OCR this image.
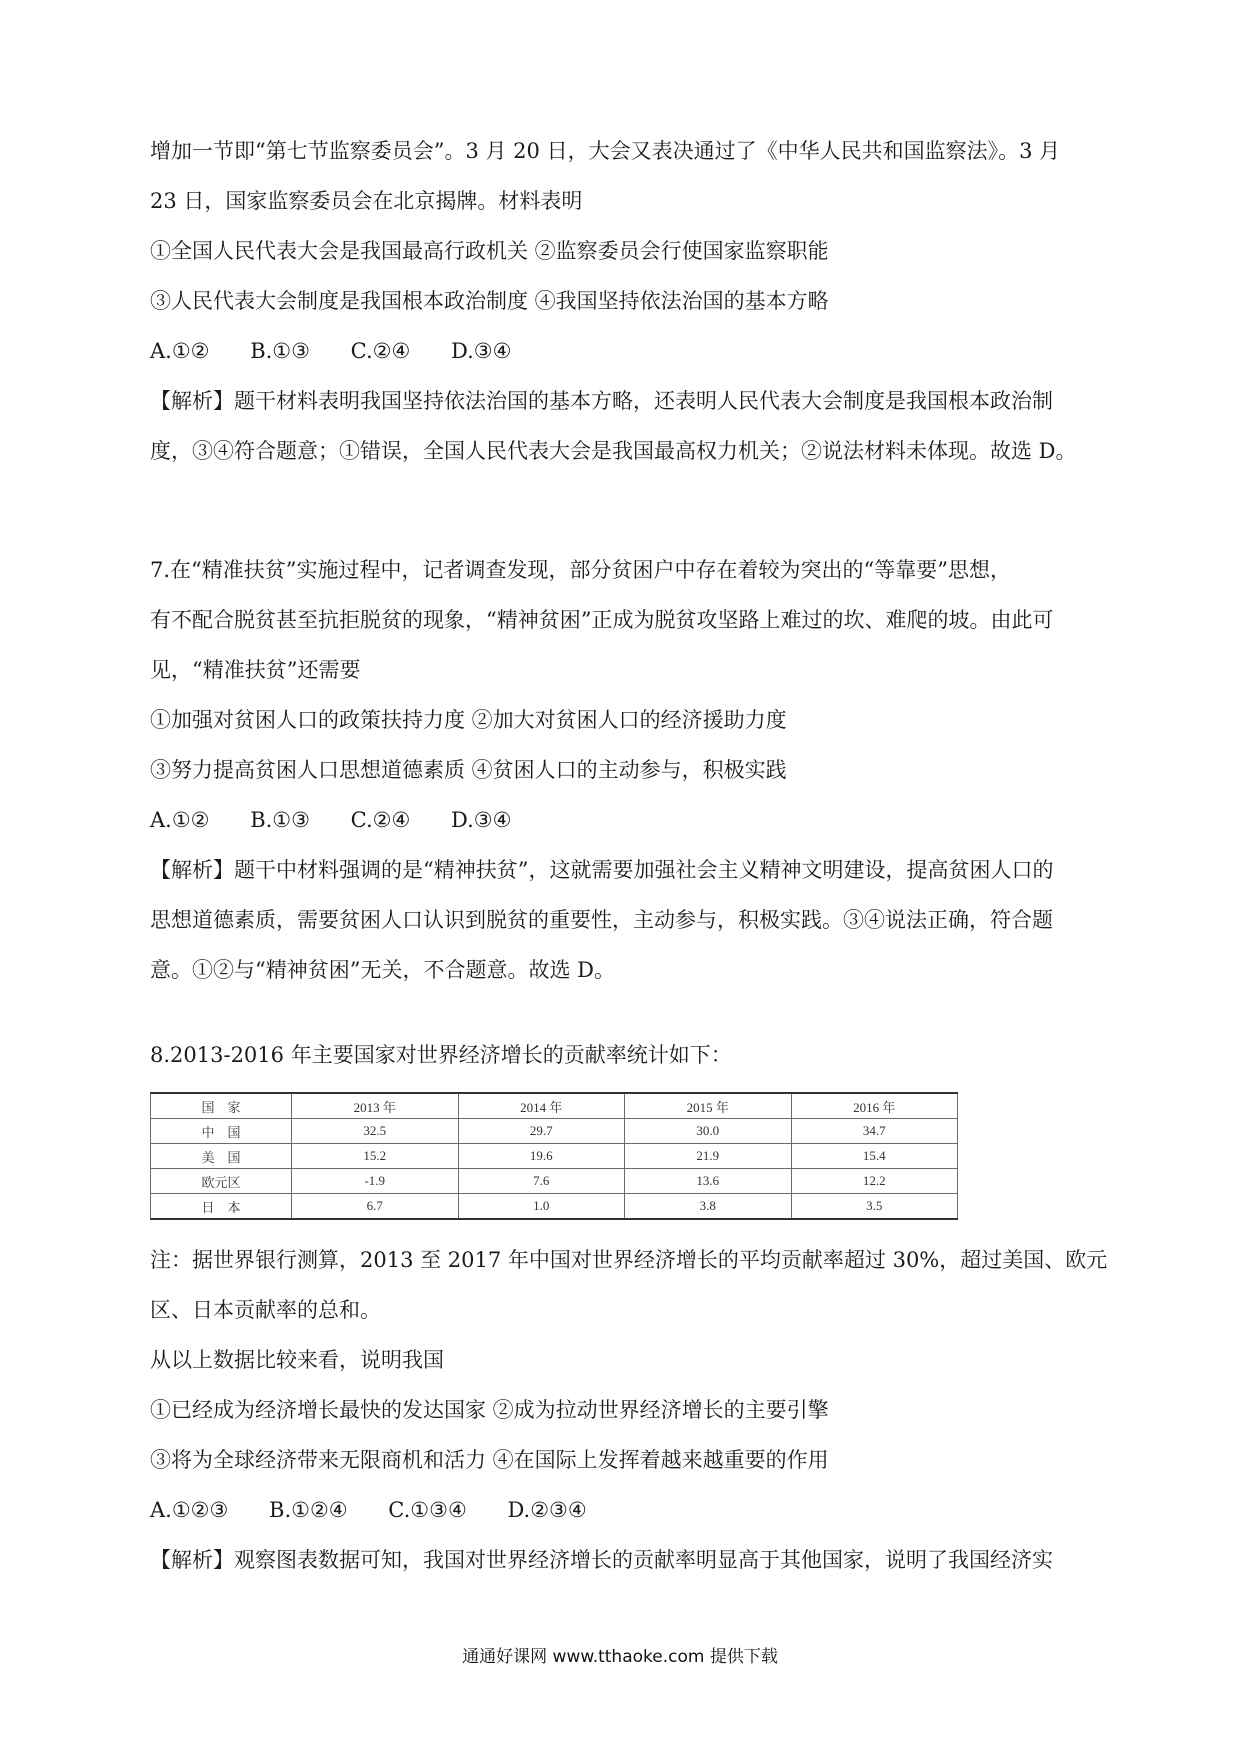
增加一节即“第七节监察委员会”。3 月 20 日，大会又表决通过了《中华人民共和国监察法》。3 月

23 日，国家监察委员会在北京揭牌。材料表明

①全国人民代表大会是我国最高行政机关 ②监察委员会行使国家监察职能

③人民代表大会制度是我国根本政治制度 ④我国坚持依法治国的基本方略

A.①② B.①③ C.②④ D.③④

【解析】题干材料表明我国坚持依法治国的基本方略，还表明人民代表大会制度是我国根本政治制

度，③④符合题意；①错误，全国人民代表大会是我国最高权力机关；②说法材料未体现。故选 D。

7.在“精准扶贫”实施过程中，记者调查发现，部分贫困户中存在着较为突出的“等靠要”思想，

有不配合脱贫甚至抗拒脱贫的现象，“精神贫困”正成为脱贫攻坚路上难过的坎、难爬的坡。由此可

见，“精准扶贫”还需要

①加强对贫困人口的政策扶持力度 ②加大对贫困人口的经济援助力度

③努力提高贫困人口思想道德素质 ④贫困人口的主动参与，积极实践

A.①② B.①③ C.②④ D.③④

【解析】题干中材料强调的是“精神扶贫”，这就需要加强社会主义精神文明建设，提高贫困人口的

思想道德素质，需要贫困人口认识到脱贫的重要性，主动参与，积极实践。③④说法正确，符合题

意。①②与“精神贫困”无关，不合题意。故选 D。

8.2013-2016 年主要国家对世界经济增长的贡献率统计如下：

国　家	2013 年	2014 年	2015 年	2016 年
中　国	32.5	29.7	30.0	34.7
美　国	15.2	19.6	21.9	15.4
欧元区	-1.9	7.6	13.6	12.2
日　本	6.7	1.0	3.8	3.5

注：据世界银行测算，2013 至 2017 年中国对世界经济增长的平均贡献率超过 30%，超过美国、欧元

区、日本贡献率的总和。

从以上数据比较来看，说明我国

①已经成为经济增长最快的发达国家 ②成为拉动世界经济增长的主要引擎

③将为全球经济带来无限商机和活力 ④在国际上发挥着越来越重要的作用

A.①②③ B.①②④ C.①③④ D.②③④

【解析】观察图表数据可知，我国对世界经济增长的贡献率明显高于其他国家，说明了我国经济实

通通好课网 www.tthaoke.com 提供下载
